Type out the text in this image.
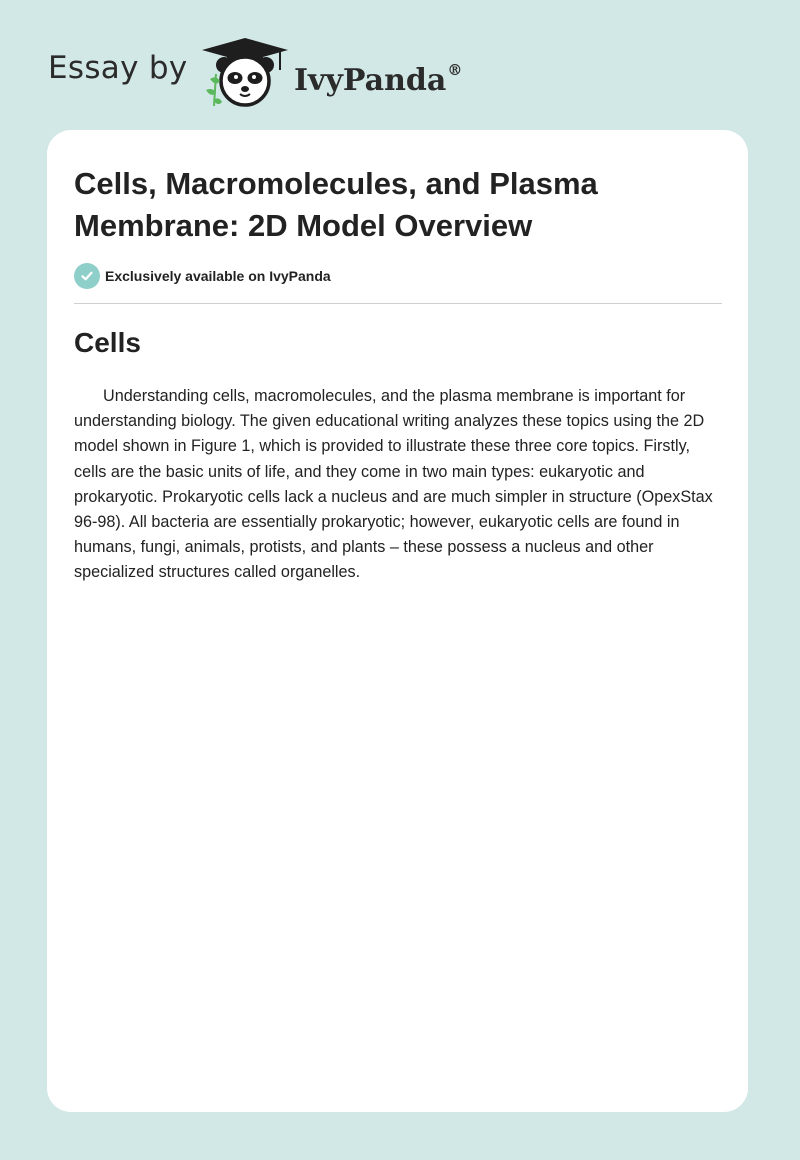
Essay by	IvyPanda®
Cells, Macromolecules, and Plasma Membrane: 2D Model Overview
Exclusively available on IvyPanda
Cells

Understanding cells, macromolecules, and the plasma membrane is important for understanding biology. The given educational writing analyzes these topics using the 2D model shown in Figure 1, which is provided to illustrate these three core topics. Firstly, cells are the basic units of life, and they come in two main types: eukaryotic and prokaryotic. Prokaryotic cells lack a nucleus and are much simpler in structure (OpexStax 96-98). All bacteria are essentially prokaryotic; however, eukaryotic cells are found in humans, fungi, animals, protists, and plants – these possess a nucleus and other specialized structures called organelles.
